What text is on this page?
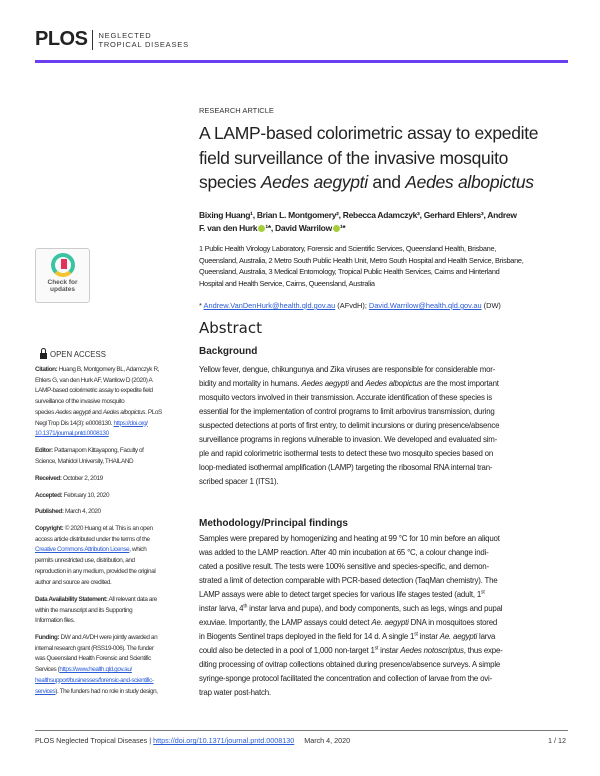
PLOS NEGLECTED
TROPICAL DISEASES
RESEARCH ARTICLE
A LAMP-based colorimetric assay to expedite
field surveillance of the invasive mosquito
species Aedes aegypti and Aedes albopictus
Bixing Huang¹, Brian L. Montgomery², Rebecca Adamczyk³, Gerhard Ehlers³, Andrew
F. van den Hurk ¹*, David Warrilow ¹*
1 Public Health Virology Laboratory, Forensic and Scientific Services, Queensland Health, Brisbane,
Queensland, Australia, 2 Metro South Public Health Unit, Metro South Hospital and Health Service, Brisbane,
Queensland, Australia, 3 Medical Entomology, Tropical Public Health Services, Cairns and Hinterland
Hospital and Health Service, Cairns, Queensland, Australia
* Andrew.VanDenHurk@health.qld.gov.au (AFvdH); David.Warrilow@health.qld.gov.au (DW)
Abstract
Check for
updates
OPEN ACCESS
Citation: Huang B, Montgomery BL, Adamczyk R,
Ehlers G, van den Hurk AF, Warrilow D (2020) A
LAMP-based colorimetric assay to expedite field
surveillance of the invasive mosquito
species Aedes aegypti and Aedes albopictus. PLoS
Negl Trop Dis 14(3): e0008130. https://doi.org/
10.1371/journal.pntd.0008130
Editor: Pattamaporn Kittayapong, Faculty of
Science, Mahidol University, THAILAND
Received: October 2, 2019
Accepted: February 10, 2020
Published: March 4, 2020
Copyright: © 2020 Huang et al. This is an open
access article distributed under the terms of the
Creative Commons Attribution License, which
permits unrestricted use, distribution, and
reproduction in any medium, provided the original
author and source are credited.
Data Availability Statement: All relevant data are
within the manuscript and its Supporting
Information files.
Funding: DW and AVDH were jointly awarded an
internal research grant (RSS19-006). The funder
was Queensland Health Forensic and Scientific
Services (https://www.health.qld.gov.au/
healthsupport/businesses/forensic-and-scientific-
services). The funders had no role in study design,
Background
Yellow fever, dengue, chikungunya and Zika viruses are responsible for considerable mor-
bidity and mortality in humans. Aedes aegypti and Aedes albopictus are the most important
mosquito vectors involved in their transmission. Accurate identification of these species is
essential for the implementation of control programs to limit arbovirus transmission, during
suspected detections at ports of first entry, to delimit incursions or during presence/absence
surveillance programs in regions vulnerable to invasion. We developed and evaluated sim-
ple and rapid colorimetric isothermal tests to detect these two mosquito species based on
loop-mediated isothermal amplification (LAMP) targeting the ribosomal RNA internal tran-
scribed spacer 1 (ITS1).
Methodology/Principal findings
Samples were prepared by homogenizing and heating at 99 °C for 10 min before an aliquot
was added to the LAMP reaction. After 40 min incubation at 65 °C, a colour change indi-
cated a positive result. The tests were 100% sensitive and species-specific, and demon-
strated a limit of detection comparable with PCR-based detection (TaqMan chemistry). The
LAMP assays were able to detect target species for various life stages tested (adult, 1st
instar larva, 4th instar larva and pupa), and body components, such as legs, wings and pupal
exuviae. Importantly, the LAMP assays could detect Ae. aegypti DNA in mosquitoes stored
in Biogents Sentinel traps deployed in the field for 14 d. A single 1st instar Ae. aegypti larva
could also be detected in a pool of 1,000 non-target 1st instar Aedes notoscriptus, thus expe-
diting processing of ovitrap collections obtained during presence/absence surveys. A simple
syringe-sponge protocol facilitated the concentration and collection of larvae from the ovi-
trap water post-hatch.
PLOS Neglected Tropical Diseases | https://doi.org/10.1371/journal.pntd.0008130 March 4, 2020	1 / 12
